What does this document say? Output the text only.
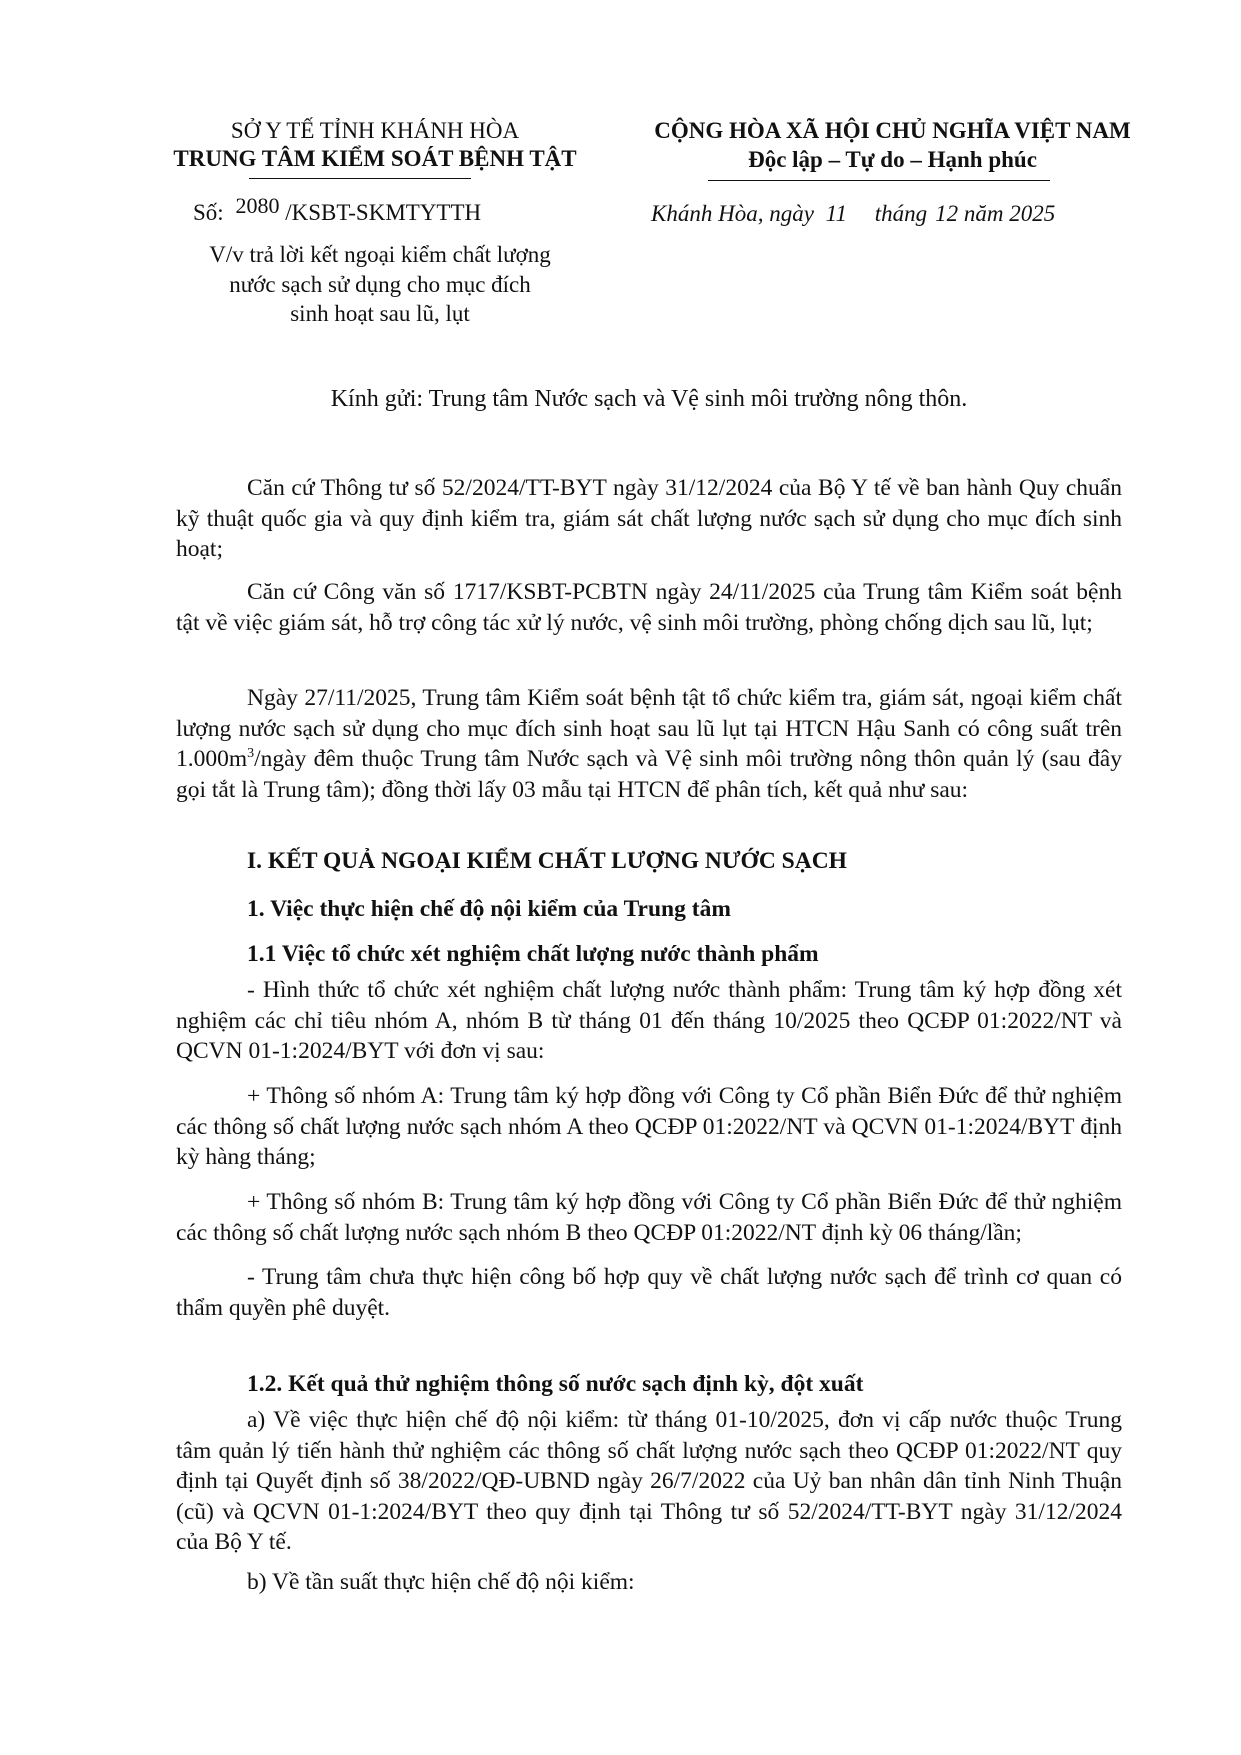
SỞ Y TẾ TỈNH KHÁNH HÒA
TRUNG TÂM KIỂM SOÁT BỆNH TẬT
Số: 2080 /KSBT-SKMTYTTH
V/v trả lời kết ngoại kiểm chất lượng
nước sạch sử dụng cho mục đích
sinh hoạt sau lũ, lụt
CỘNG HÒA XÃ HỘI CHỦ NGHĨA VIỆT NAM
Độc lập – Tự do – Hạnh phúc
Khánh Hòa, ngày 11 tháng 12 năm 2025
Kính gửi: Trung tâm Nước sạch và Vệ sinh môi trường nông thôn.
Căn cứ Thông tư số 52/2024/TT-BYT ngày 31/12/2024 của Bộ Y tế về ban hành Quy chuẩn kỹ thuật quốc gia và quy định kiểm tra, giám sát chất lượng nước sạch sử dụng cho mục đích sinh hoạt;
Căn cứ Công văn số 1717/KSBT-PCBTN ngày 24/11/2025 của Trung tâm Kiểm soát bệnh tật về việc giám sát, hỗ trợ công tác xử lý nước, vệ sinh môi trường, phòng chống dịch sau lũ, lụt;
Ngày 27/11/2025, Trung tâm Kiểm soát bệnh tật tổ chức kiểm tra, giám sát, ngoại kiểm chất lượng nước sạch sử dụng cho mục đích sinh hoạt sau lũ lụt tại HTCN Hậu Sanh có công suất trên $1.000m^3$/ngày đêm thuộc Trung tâm Nước sạch và Vệ sinh môi trường nông thôn quản lý (sau đây gọi tắt là Trung tâm); đồng thời lấy 03 mẫu tại HTCN để phân tích, kết quả như sau:
I. KẾT QUẢ NGOẠI KIỂM CHẤT LƯỢNG NƯỚC SẠCH
1. Việc thực hiện chế độ nội kiểm của Trung tâm
1.1 Việc tổ chức xét nghiệm chất lượng nước thành phẩm
- Hình thức tổ chức xét nghiệm chất lượng nước thành phẩm: Trung tâm ký hợp đồng xét nghiệm các chỉ tiêu nhóm A, nhóm B từ tháng 01 đến tháng 10/2025 theo QCĐP 01:2022/NT và QCVN 01-1:2024/BYT với đơn vị sau:
+ Thông số nhóm A: Trung tâm ký hợp đồng với Công ty Cổ phần Biển Đức để thử nghiệm các thông số chất lượng nước sạch nhóm A theo QCĐP 01:2022/NT và QCVN 01-1:2024/BYT định kỳ hàng tháng;
+ Thông số nhóm B: Trung tâm ký hợp đồng với Công ty Cổ phần Biển Đức để thử nghiệm các thông số chất lượng nước sạch nhóm B theo QCĐP 01:2022/NT định kỳ 06 tháng/lần;
- Trung tâm chưa thực hiện công bố hợp quy về chất lượng nước sạch để trình cơ quan có thẩm quyền phê duyệt.
1.2. Kết quả thử nghiệm thông số nước sạch định kỳ, đột xuất
a) Về việc thực hiện chế độ nội kiểm: từ tháng 01-10/2025, đơn vị cấp nước thuộc Trung tâm quản lý tiến hành thử nghiệm các thông số chất lượng nước sạch theo QCĐP 01:2022/NT quy định tại Quyết định số 38/2022/QĐ-UBND ngày 26/7/2022 của Uỷ ban nhân dân tỉnh Ninh Thuận (cũ) và QCVN 01-1:2024/BYT theo quy định tại Thông tư số 52/2024/TT-BYT ngày 31/12/2024 của Bộ Y tế.
b) Về tần suất thực hiện chế độ nội kiểm:
